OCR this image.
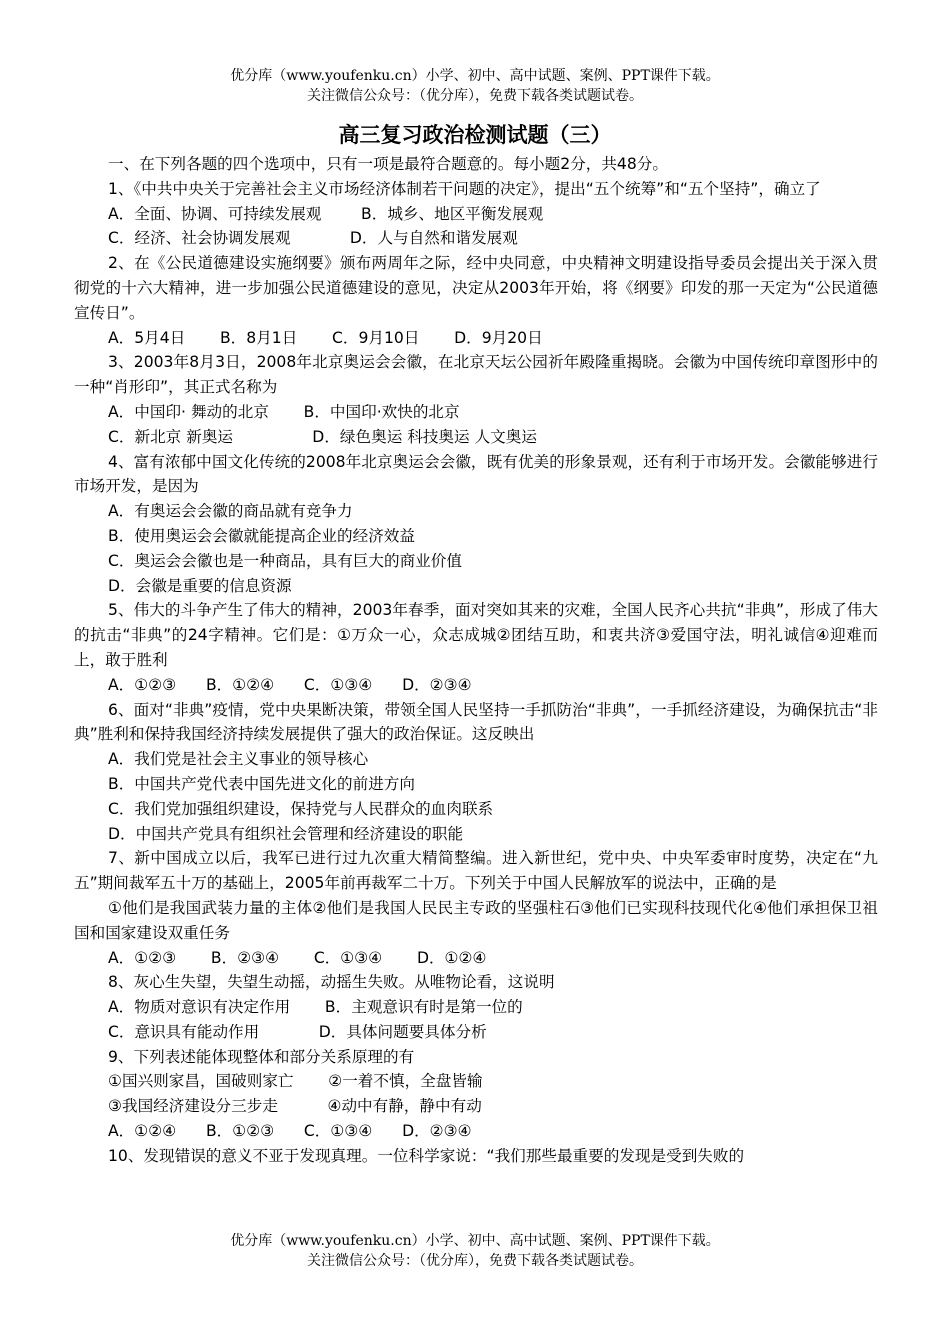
优分库（www.youfenku.cn）小学、初中、高中试题、案例、PPT课件下载。
关注微信公众号：（优分库），免费下载各类试题试卷。
高三复习政治检测试题（三）
一、在下列各题的四个选项中，只有一项是最符合题意的。每小题2分，共48分。
1、《中共中央关于完善社会主义市场经济体制若干问题的决定》，提出“五个统筹”和“五个坚持”，确立了
A．全面、协调、可持续发展观        B．城乡、地区平衡发展观
C．经济、社会协调发展观            D．人与自然和谐发展观
2、在《公民道德建设实施纲要》颁布两周年之际，经中央同意，中央精神文明建设指导委员会提出关于深入贯彻党的十六大精神，进一步加强公民道德建设的意见，决定从2003年开始，将《纲要》印发的那一天定为“公民道德宣传日”。
A．5月4日       B．8月1日       C．9月10日       D．9月20日
3、2003年8月3日，2008年北京奥运会会徽，在北京天坛公园祈年殿隆重揭晓。会徽为中国传统印章图形中的一种“肖形印”，其正式名称为
A．中国印· 舞动的北京       B．中国印·欢快的北京
C．新北京 新奥运                D．绿色奥运 科技奥运 人文奥运
4、富有浓郁中国文化传统的2008年北京奥运会会徽，既有优美的形象景观，还有利于市场开发。会徽能够进行市场开发，是因为
A．有奥运会会徽的商品就有竞争力
B．使用奥运会会徽就能提高企业的经济效益
C．奥运会会徽也是一种商品，具有巨大的商业价值
D．会徽是重要的信息资源
5、伟大的斗争产生了伟大的精神，2003年春季，面对突如其来的灾难，全国人民齐心共抗“非典”，形成了伟大的抗击“非典”的24字精神。它们是：①万众一心，众志成城②团结互助，和衷共济③爱国守法，明礼诚信④迎难而上，敢于胜利
A．①②③      B．①②④      C．①③④      D．②③④
6、面对“非典”疫情，党中央果断决策，带领全国人民坚持一手抓防治“非典”，一手抓经济建设，为确保抗击“非典”胜利和保持我国经济持续发展提供了强大的政治保证。这反映出
A．我们党是社会主义事业的领导核心
B．中国共产党代表中国先进文化的前进方向
C．我们党加强组织建设，保持党与人民群众的血肉联系
D．中国共产党具有组织社会管理和经济建设的职能
7、新中国成立以后，我军已进行过九次重大精简整编。进入新世纪，党中央、中央军委审时度势，决定在“九五”期间裁军五十万的基础上，2005年前再裁军二十万。下列关于中国人民解放军的说法中，正确的是
①他们是我国武装力量的主体②他们是我国人民民主专政的坚强柱石③他们已实现科技现代化④他们承担保卫祖国和国家建设双重任务
A．①②③       B．②③④       C．①③④       D．①②④
8、灰心生失望，失望生动摇，动摇生失败。从唯物论看，这说明
A．物质对意识有决定作用       B．主观意识有时是第一位的
C．意识具有能动作用            D．具体问题要具体分析
9、下列表述能体现整体和部分关系原理的有
①国兴则家昌，国破则家亡       ②一着不慎，全盘皆输
③我国经济建设分三步走          ④动中有静，静中有动
A．①②④      B．①②③      C．①③④      D．②③④
10、发现错误的意义不亚于发现真理。一位科学家说：“我们那些最重要的发现是受到失败的
优分库（www.youfenku.cn）小学、初中、高中试题、案例、PPT课件下载。
关注微信公众号：（优分库），免费下载各类试题试卷。
